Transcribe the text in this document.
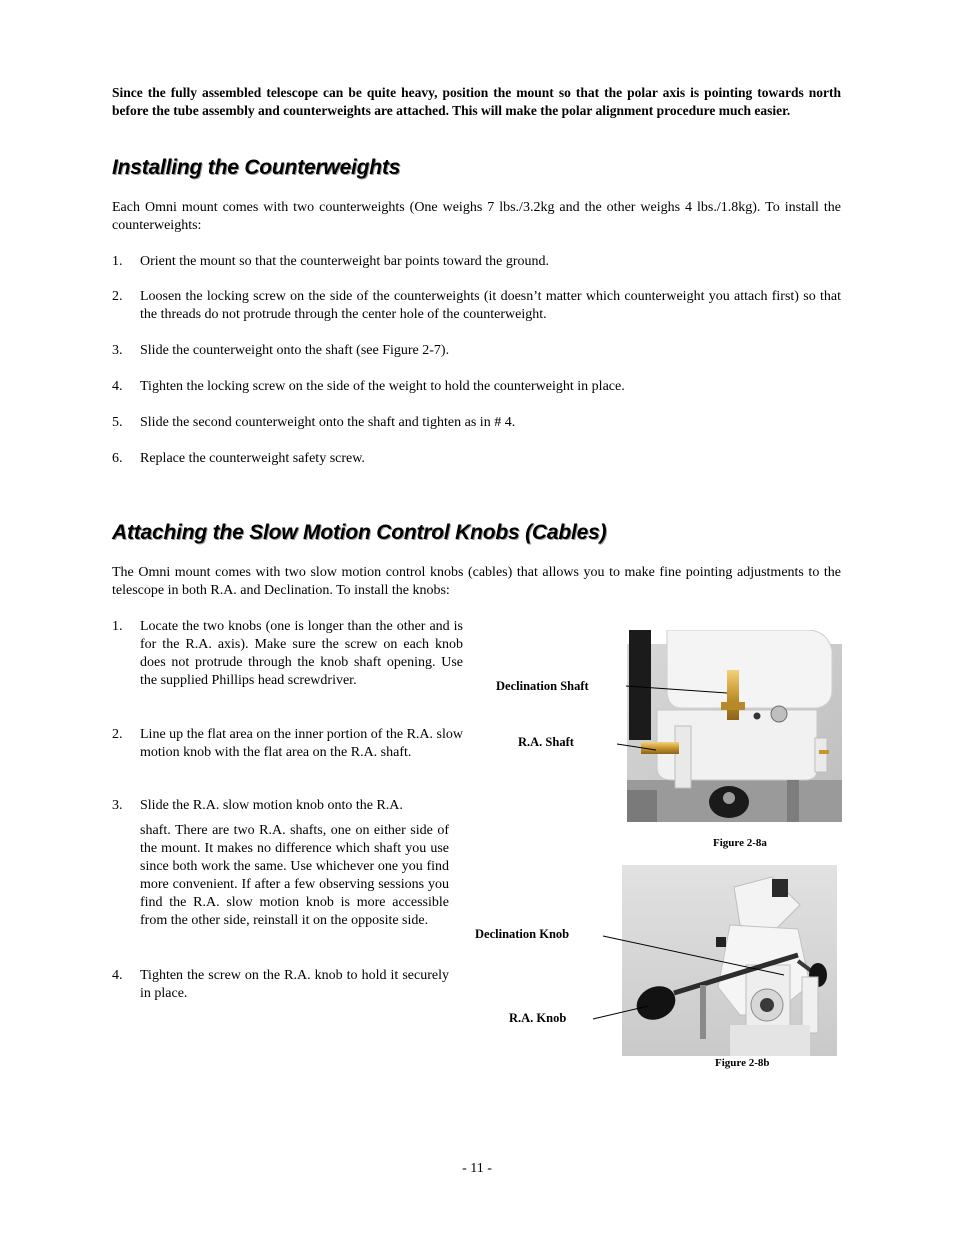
Since the fully assembled telescope can be quite heavy, position the mount so that the polar axis is pointing towards north before the tube assembly and counterweights are attached. This will make the polar alignment procedure much easier.
Installing the Counterweights
Each Omni mount comes with two counterweights (One weighs 7 lbs./3.2kg and the other weighs 4 lbs./1.8kg). To install the counterweights:
1. Orient the mount so that the counterweight bar points toward the ground.
2. Loosen the locking screw on the side of the counterweights (it doesn’t matter which counterweight you attach first) so that the threads do not protrude through the center hole of the counterweight.
3. Slide the counterweight onto the shaft (see Figure 2-7).
4. Tighten the locking screw on the side of the weight to hold the counterweight in place.
5. Slide the second counterweight onto the shaft and tighten as in # 4.
6. Replace the counterweight safety screw.
Attaching the Slow Motion Control Knobs (Cables)
The Omni mount comes with two slow motion control knobs (cables) that allows you to make fine pointing adjustments to the telescope in both R.A. and Declination. To install the knobs:
1. Locate the two knobs (one is longer than the other and is for the R.A. axis). Make sure the screw on each knob does not protrude through the knob shaft opening. Use the supplied Phillips head screwdriver.
2. Line up the flat area on the inner portion of the R.A. slow motion knob with the flat area on the R.A. shaft.
3. Slide the R.A. slow motion knob onto the R.A.
shaft. There are two R.A. shafts, one on either side of the mount. It makes no difference which shaft you use since both work the same. Use whichever one you find more convenient. If after a few observing sessions you find the R.A. slow motion knob is more accessible from the other side, reinstall it on the opposite side.
4. Tighten the screw on the R.A. knob to hold it securely in place.
Declination Shaft
R.A. Shaft
Figure 2-8a
Declination Knob
R.A. Knob
Figure 2-8b
- 11 -
